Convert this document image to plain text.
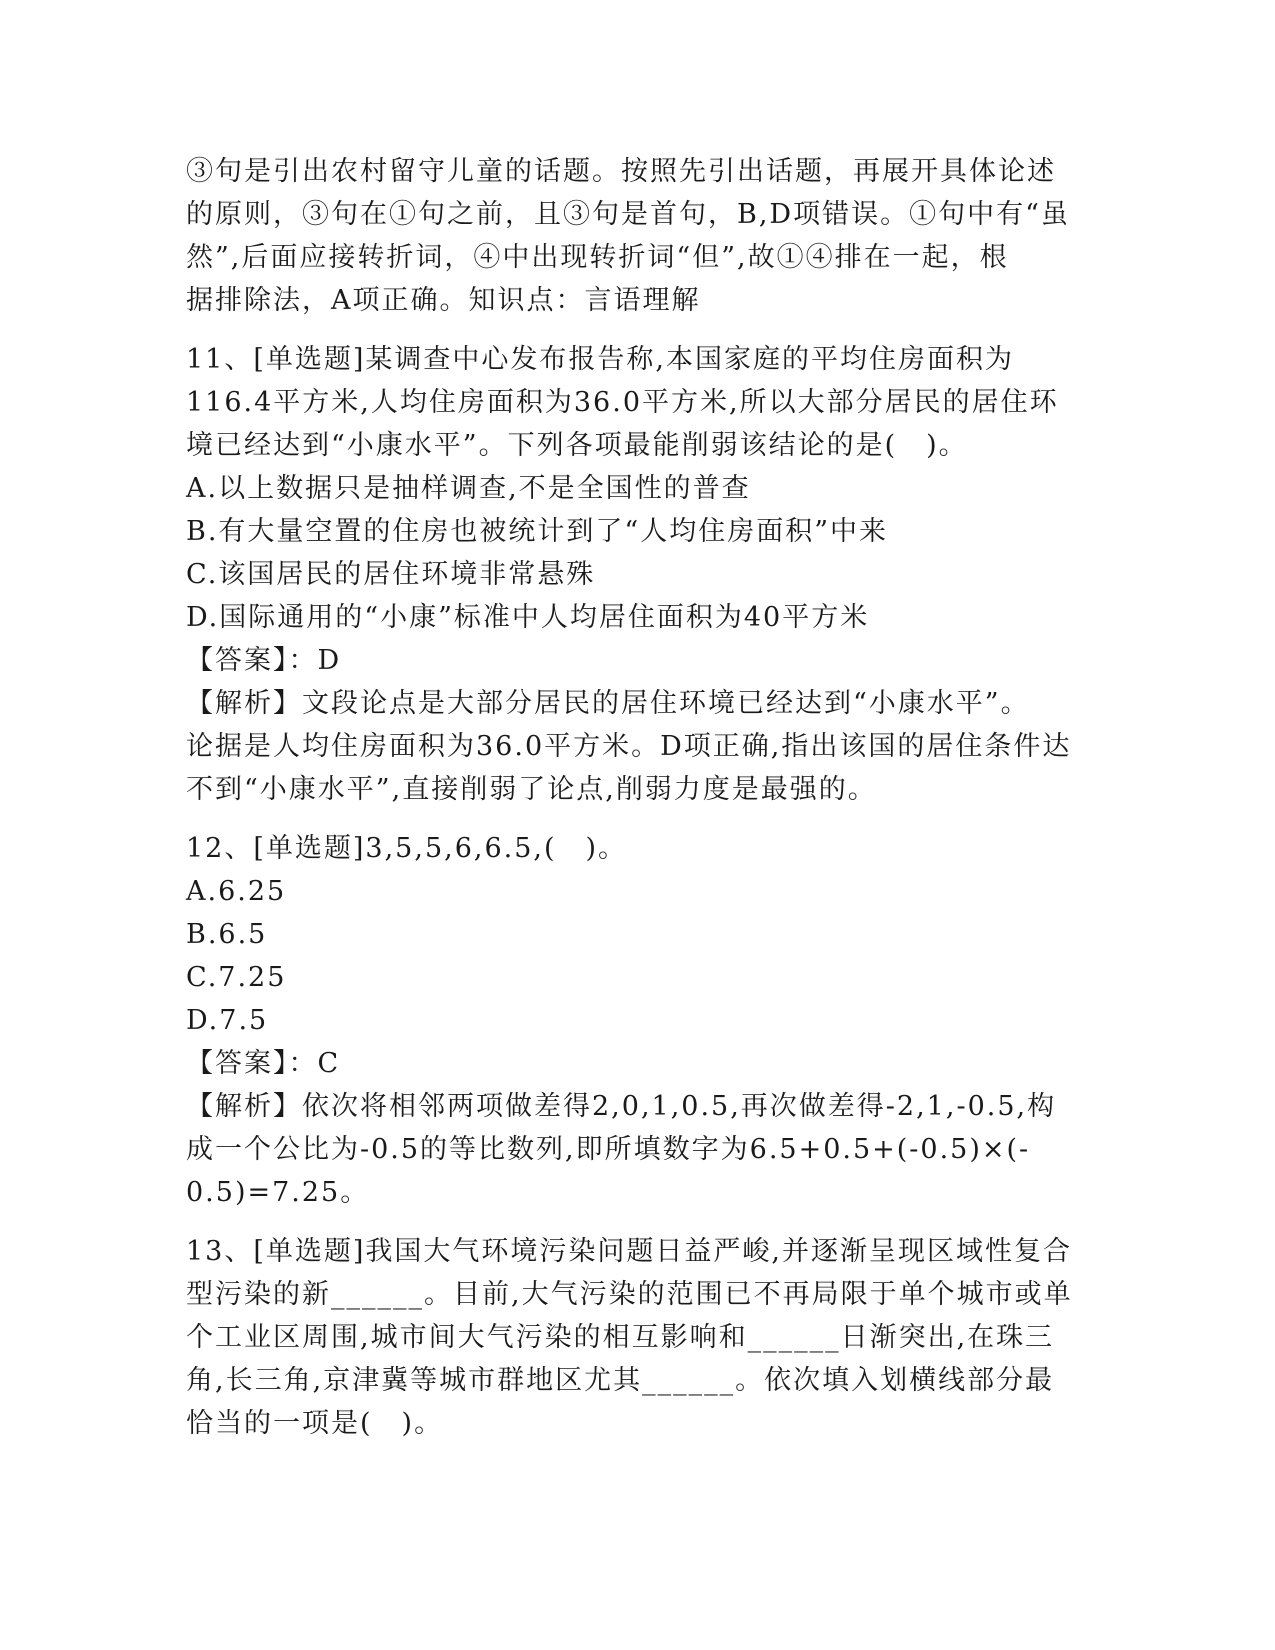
③句是引出农村留守儿童的话题。按照先引出话题，再展开具体论述
的原则，③句在①句之前，且③句是首句，B,D项错误。①句中有“虽
然”,后面应接转折词，④中出现转折词“但”,故①④排在一起，根
据排除法，A项正确。知识点：言语理解
11、[单选题]某调查中心发布报告称,本国家庭的平均住房面积为
116.4平方米,人均住房面积为36.0平方米,所以大部分居民的居住环
境已经达到“小康水平”。下列各项最能削弱该结论的是(　)。
A.以上数据只是抽样调查,不是全国性的普查
B.有大量空置的住房也被统计到了“人均住房面积”中来
C.该国居民的居住环境非常悬殊
D.国际通用的“小康”标准中人均居住面积为40平方米
【答案】：D
【解析】文段论点是大部分居民的居住环境已经达到“小康水平”。
论据是人均住房面积为36.0平方米。D项正确,指出该国的居住条件达
不到“小康水平”,直接削弱了论点,削弱力度是最强的。
12、[单选题]3,5,5,6,6.5,(　)。
A.6.25
B.6.5
C.7.25
D.7.5
【答案】：C
【解析】依次将相邻两项做差得2,0,1,0.5,再次做差得-2,1,-0.5,构
成一个公比为-0.5的等比数列,即所填数字为6.5+0.5+(-0.5)×(-
0.5)=7.25。
13、[单选题]我国大气环境污染问题日益严峻,并逐渐呈现区域性复合
型污染的新______。目前,大气污染的范围已不再局限于单个城市或单
个工业区周围,城市间大气污染的相互影响和______日渐突出,在珠三
角,长三角,京津冀等城市群地区尤其______。依次填入划横线部分最
恰当的一项是(　)。
